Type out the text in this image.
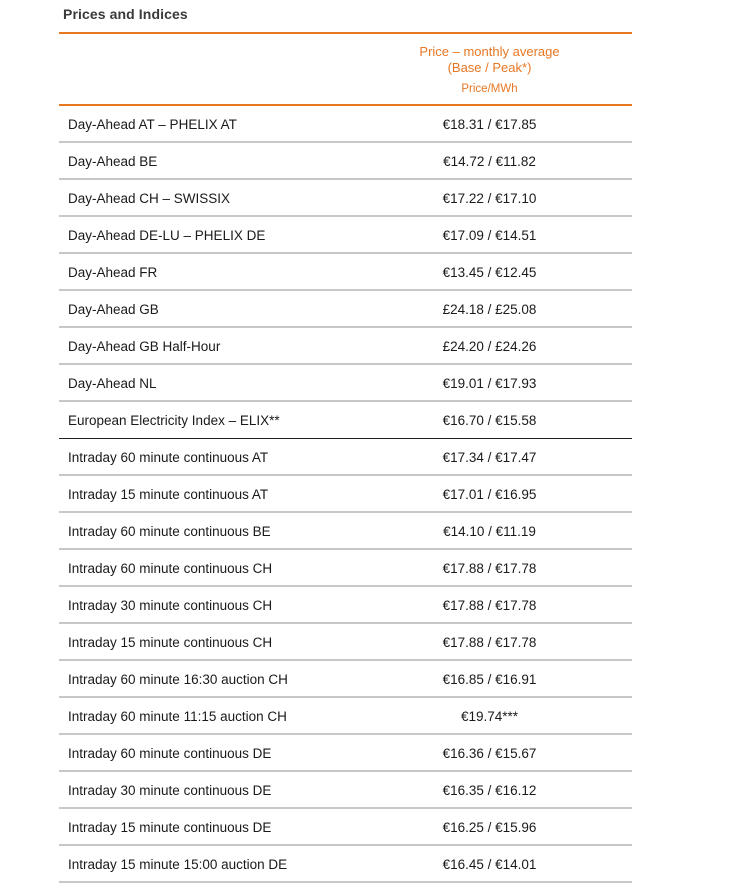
Prices and Indices
Price – monthly average
(Base / Peak*)
Price/MWh
Day-Ahead AT – PHELIX AT	€18.31 / €17.85
Day-Ahead BE	€14.72 / €11.82
Day-Ahead CH – SWISSIX	€17.22 / €17.10
Day-Ahead DE-LU – PHELIX DE	€17.09 / €14.51
Day-Ahead FR	€13.45 / €12.45
Day-Ahead GB	£24.18 / £25.08
Day-Ahead GB Half-Hour	£24.20 / £24.26
Day-Ahead NL	€19.01 / €17.93
European Electricity Index – ELIX**	€16.70 / €15.58
Intraday 60 minute continuous AT	€17.34 / €17.47
Intraday 15 minute continuous AT	€17.01 / €16.95
Intraday 60 minute continuous BE	€14.10 / €11.19
Intraday 60 minute continuous CH	€17.88 / €17.78
Intraday 30 minute continuous CH	€17.88 / €17.78
Intraday 15 minute continuous CH	€17.88 / €17.78
Intraday 60 minute 16:30 auction CH	€16.85 / €16.91
Intraday 60 minute 11:15 auction CH	€19.74***
Intraday 60 minute continuous DE	€16.36 / €15.67
Intraday 30 minute continuous DE	€16.35 / €16.12
Intraday 15 minute continuous DE	€16.25 / €15.96
Intraday 15 minute 15:00 auction DE	€16.45 / €14.01
